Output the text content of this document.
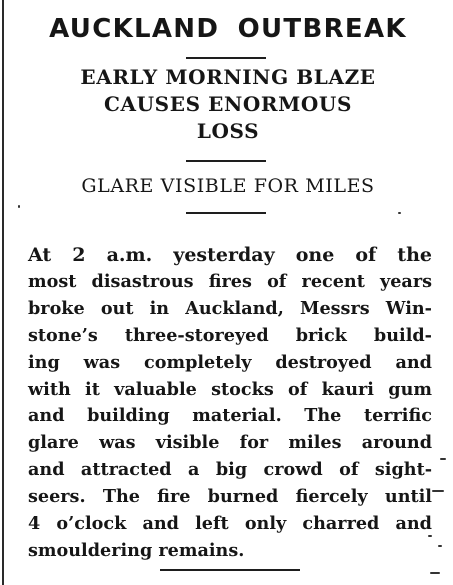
AUCKLAND OUTBREAK
EARLY MORNING BLAZE
CAUSES ENORMOUS
LOSS
GLARE VISIBLE FOR MILES
At 2 a.m. yesterday one of the
most disastrous fires of recent years
broke out in Auckland, Messrs Win-
stone’s three-storeyed brick build-
ing was completely destroyed and
with it valuable stocks of kauri gum
and building material. The terrific
glare was visible for miles around
and attracted a big crowd of sight-
seers. The fire burned fiercely until
4 o’clock and left only charred and
smouldering remains.
